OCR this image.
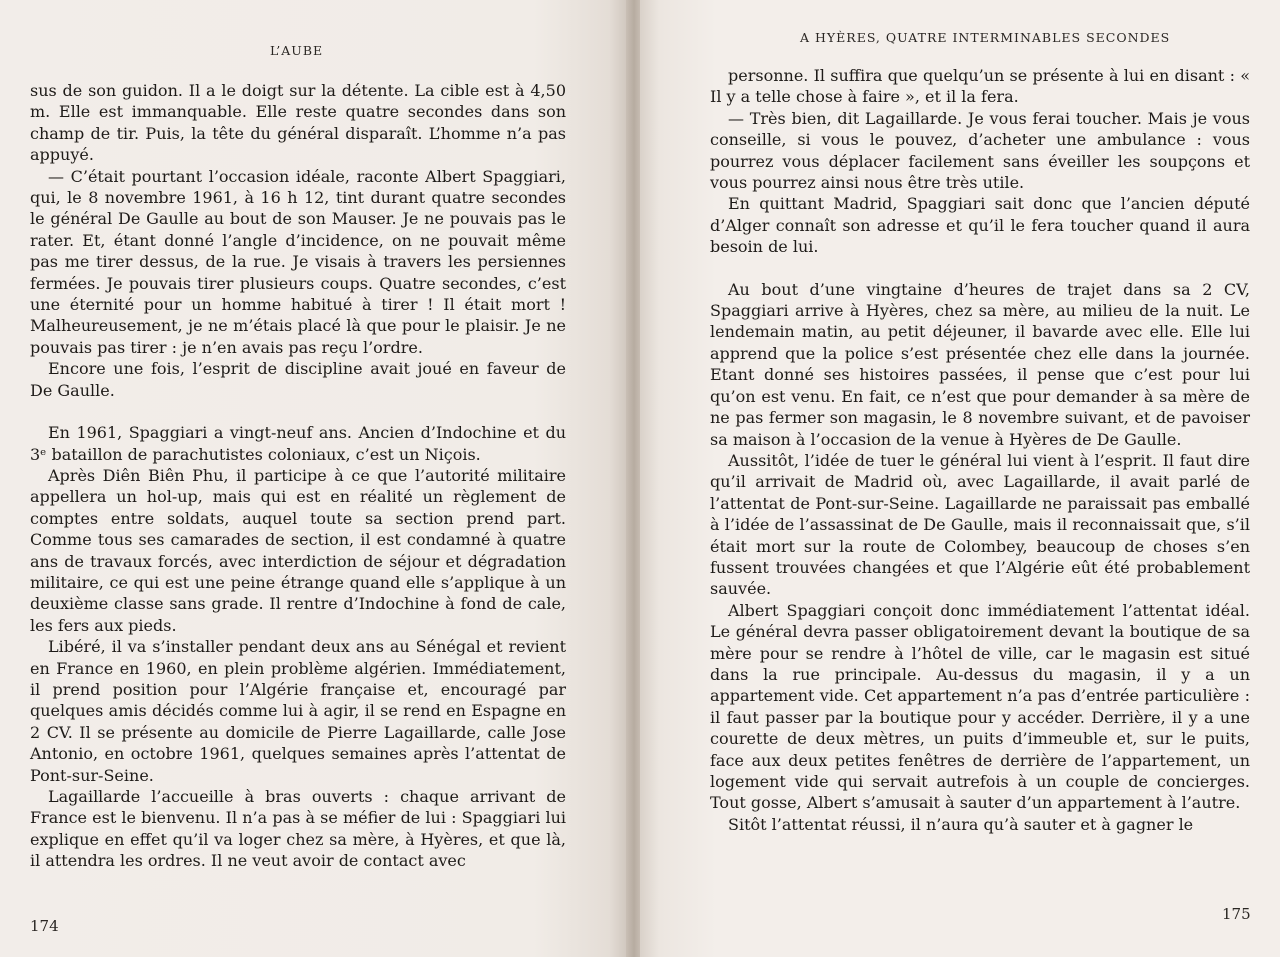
L’AUBE

sus de son guidon. Il a le doigt sur la détente. La cible est à 4,50 m. Elle est immanquable. Elle reste quatre secondes dans son champ de tir. Puis, la tête du général disparaît. L’homme n’a pas appuyé.

— C’était pourtant l’occasion idéale, raconte Albert Spaggiari, qui, le 8 novembre 1961, à 16 h 12, tint durant quatre secondes le général De Gaulle au bout de son Mauser. Je ne pouvais pas le rater. Et, étant donné l’angle d’incidence, on ne pouvait même pas me tirer dessus, de la rue. Je visais à travers les persiennes fermées. Je pouvais tirer plusieurs coups. Quatre secondes, c’est une éternité pour un homme habitué à tirer ! Il était mort ! Malheureusement, je ne m’étais placé là que pour le plaisir. Je ne pouvais pas tirer : je n’en avais pas reçu l’ordre.

Encore une fois, l’esprit de discipline avait joué en faveur de De Gaulle.

En 1961, Spaggiari a vingt-neuf ans. Ancien d’Indochine et du 3ᵉ bataillon de parachutistes coloniaux, c’est un Niçois.

Après Diên Biên Phu, il participe à ce que l’autorité militaire appellera un hol-up, mais qui est en réalité un règlement de comptes entre soldats, auquel toute sa section prend part. Comme tous ses camarades de section, il est condamné à quatre ans de travaux forcés, avec interdiction de séjour et dégradation militaire, ce qui est une peine étrange quand elle s’applique à un deuxième classe sans grade. Il rentre d’Indochine à fond de cale, les fers aux pieds.

Libéré, il va s’installer pendant deux ans au Sénégal et revient en France en 1960, en plein problème algérien. Immédiatement, il prend position pour l’Algérie française et, encouragé par quelques amis décidés comme lui à agir, il se rend en Espagne en 2 CV. Il se présente au domicile de Pierre Lagaillarde, calle Jose Antonio, en octobre 1961, quelques semaines après l’attentat de Pont-sur-Seine.

Lagaillarde l’accueille à bras ouverts : chaque arrivant de France est le bienvenu. Il n’a pas à se méfier de lui : Spaggiari lui explique en effet qu’il va loger chez sa mère, à Hyères, et que là, il attendra les ordres. Il ne veut avoir de contact avec

174
A HYÈRES, QUATRE INTERMINABLES SECONDES

personne. Il suffira que quelqu’un se présente à lui en disant : « Il y a telle chose à faire », et il la fera.

— Très bien, dit Lagaillarde. Je vous ferai toucher. Mais je vous conseille, si vous le pouvez, d’acheter une ambulance : vous pourrez vous déplacer facilement sans éveiller les soupçons et vous pourrez ainsi nous être très utile.

En quittant Madrid, Spaggiari sait donc que l’ancien député d’Alger connaît son adresse et qu’il le fera toucher quand il aura besoin de lui.

Au bout d’une vingtaine d’heures de trajet dans sa 2 CV, Spaggiari arrive à Hyères, chez sa mère, au milieu de la nuit. Le lendemain matin, au petit déjeuner, il bavarde avec elle. Elle lui apprend que la police s’est présentée chez elle dans la journée. Etant donné ses histoires passées, il pense que c’est pour lui qu’on est venu. En fait, ce n’est que pour demander à sa mère de ne pas fermer son magasin, le 8 novembre suivant, et de pavoiser sa maison à l’occasion de la venue à Hyères de De Gaulle.

Aussitôt, l’idée de tuer le général lui vient à l’esprit. Il faut dire qu’il arrivait de Madrid où, avec Lagaillarde, il avait parlé de l’attentat de Pont-sur-Seine. Lagaillarde ne paraissait pas emballé à l’idée de l’assassinat de De Gaulle, mais il reconnaissait que, s’il était mort sur la route de Colombey, beaucoup de choses s’en fussent trouvées changées et que l’Algérie eût été probablement sauvée.

Albert Spaggiari conçoit donc immédiatement l’attentat idéal. Le général devra passer obligatoirement devant la boutique de sa mère pour se rendre à l’hôtel de ville, car le magasin est situé dans la rue principale. Au-dessus du magasin, il y a un appartement vide. Cet appartement n’a pas d’entrée particulière : il faut passer par la boutique pour y accéder. Derrière, il y a une courette de deux mètres, un puits d’immeuble et, sur le puits, face aux deux petites fenêtres de derrière de l’appartement, un logement vide qui servait autrefois à un couple de concierges. Tout gosse, Albert s’amusait à sauter d’un appartement à l’autre.

Sitôt l’attentat réussi, il n’aura qu’à sauter et à gagner le

175
